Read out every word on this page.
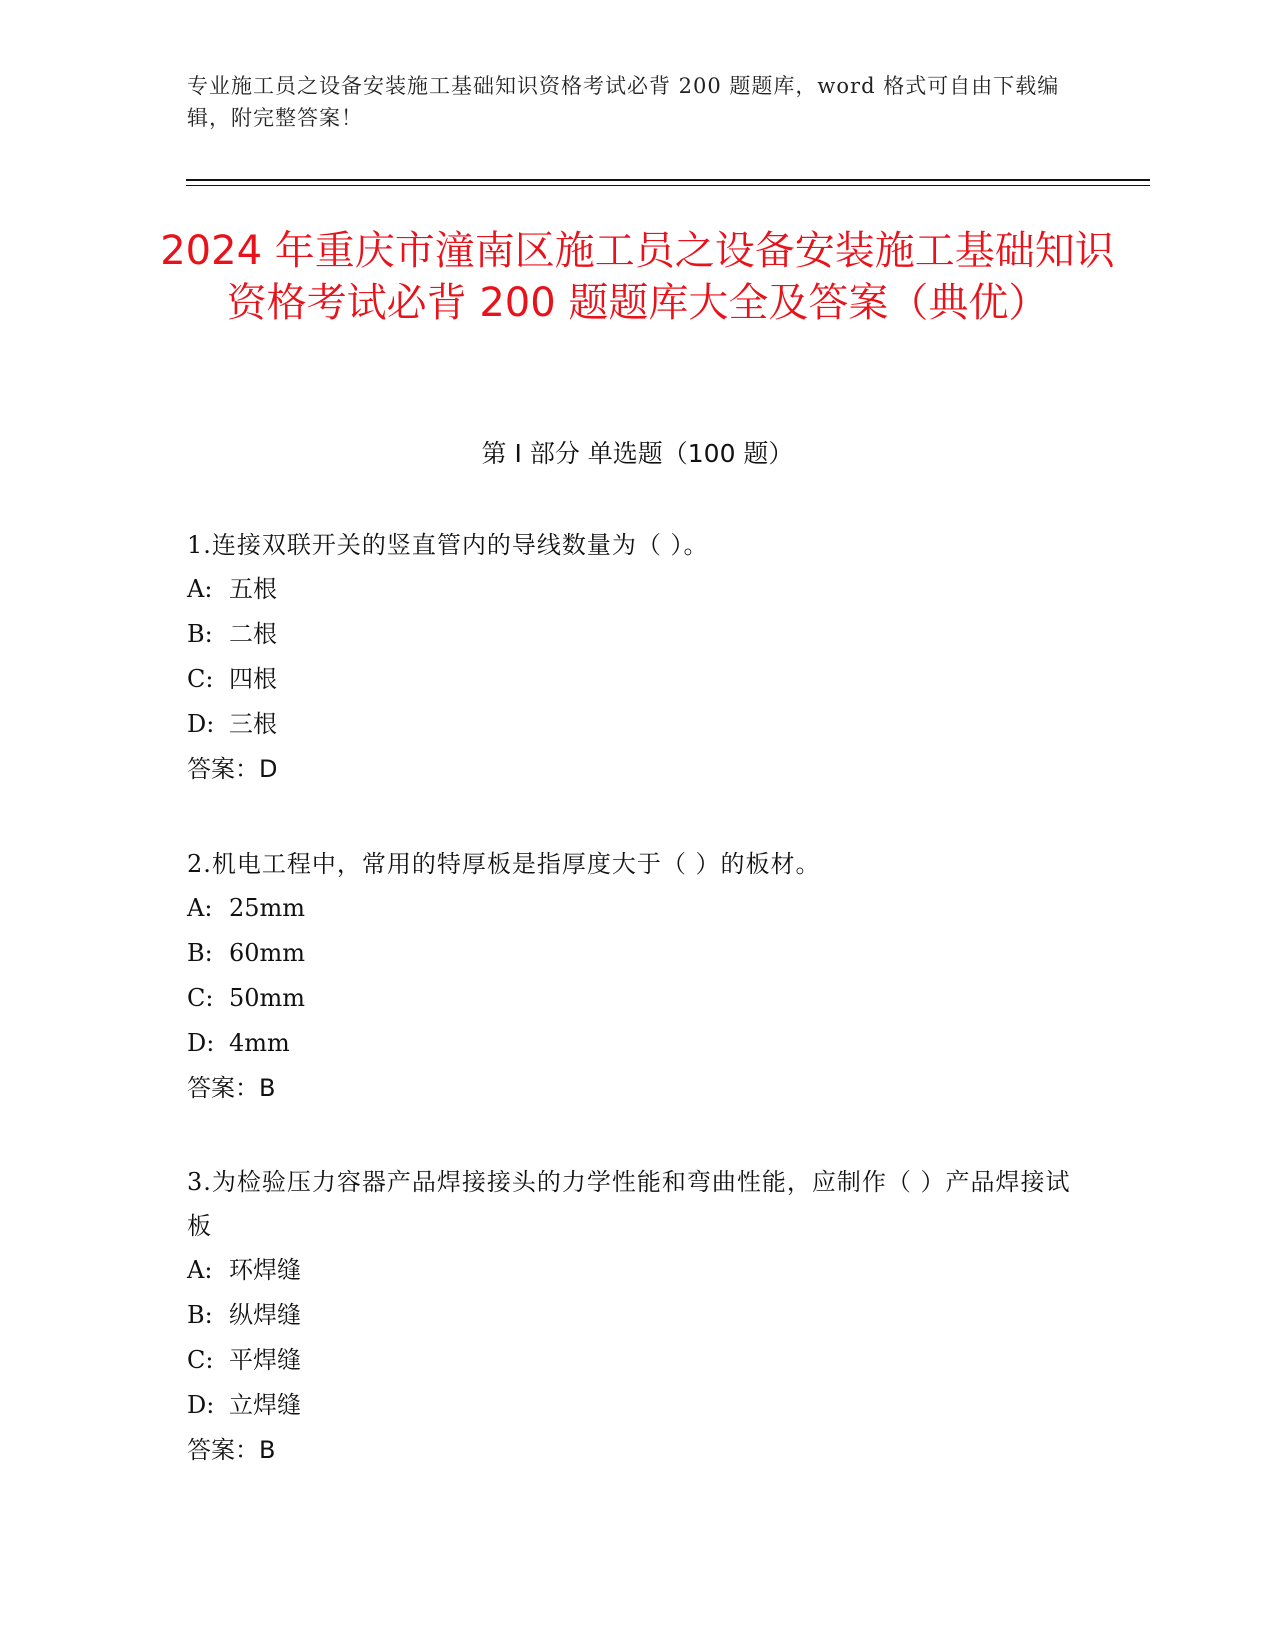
专业施工员之设备安装施工基础知识资格考试必背 200 题题库，word 格式可自由下载编辑，附完整答案！
2024 年重庆市潼南区施工员之设备安装施工基础知识资格考试必背 200 题题库大全及答案（典优）
第 I 部分 单选题（100 题）
1.连接双联开关的竖直管内的导线数量为（ ）。
A: 五根
B: 二根
C: 四根
D: 三根
答案：D
2.机电工程中，常用的特厚板是指厚度大于（ ）的板材。
A: 25mm
B: 60mm
C: 50mm
D: 4mm
答案：B
3.为检验压力容器产品焊接接头的力学性能和弯曲性能，应制作（ ）产品焊接试板
A: 环焊缝
B: 纵焊缝
C: 平焊缝
D: 立焊缝
答案：B
